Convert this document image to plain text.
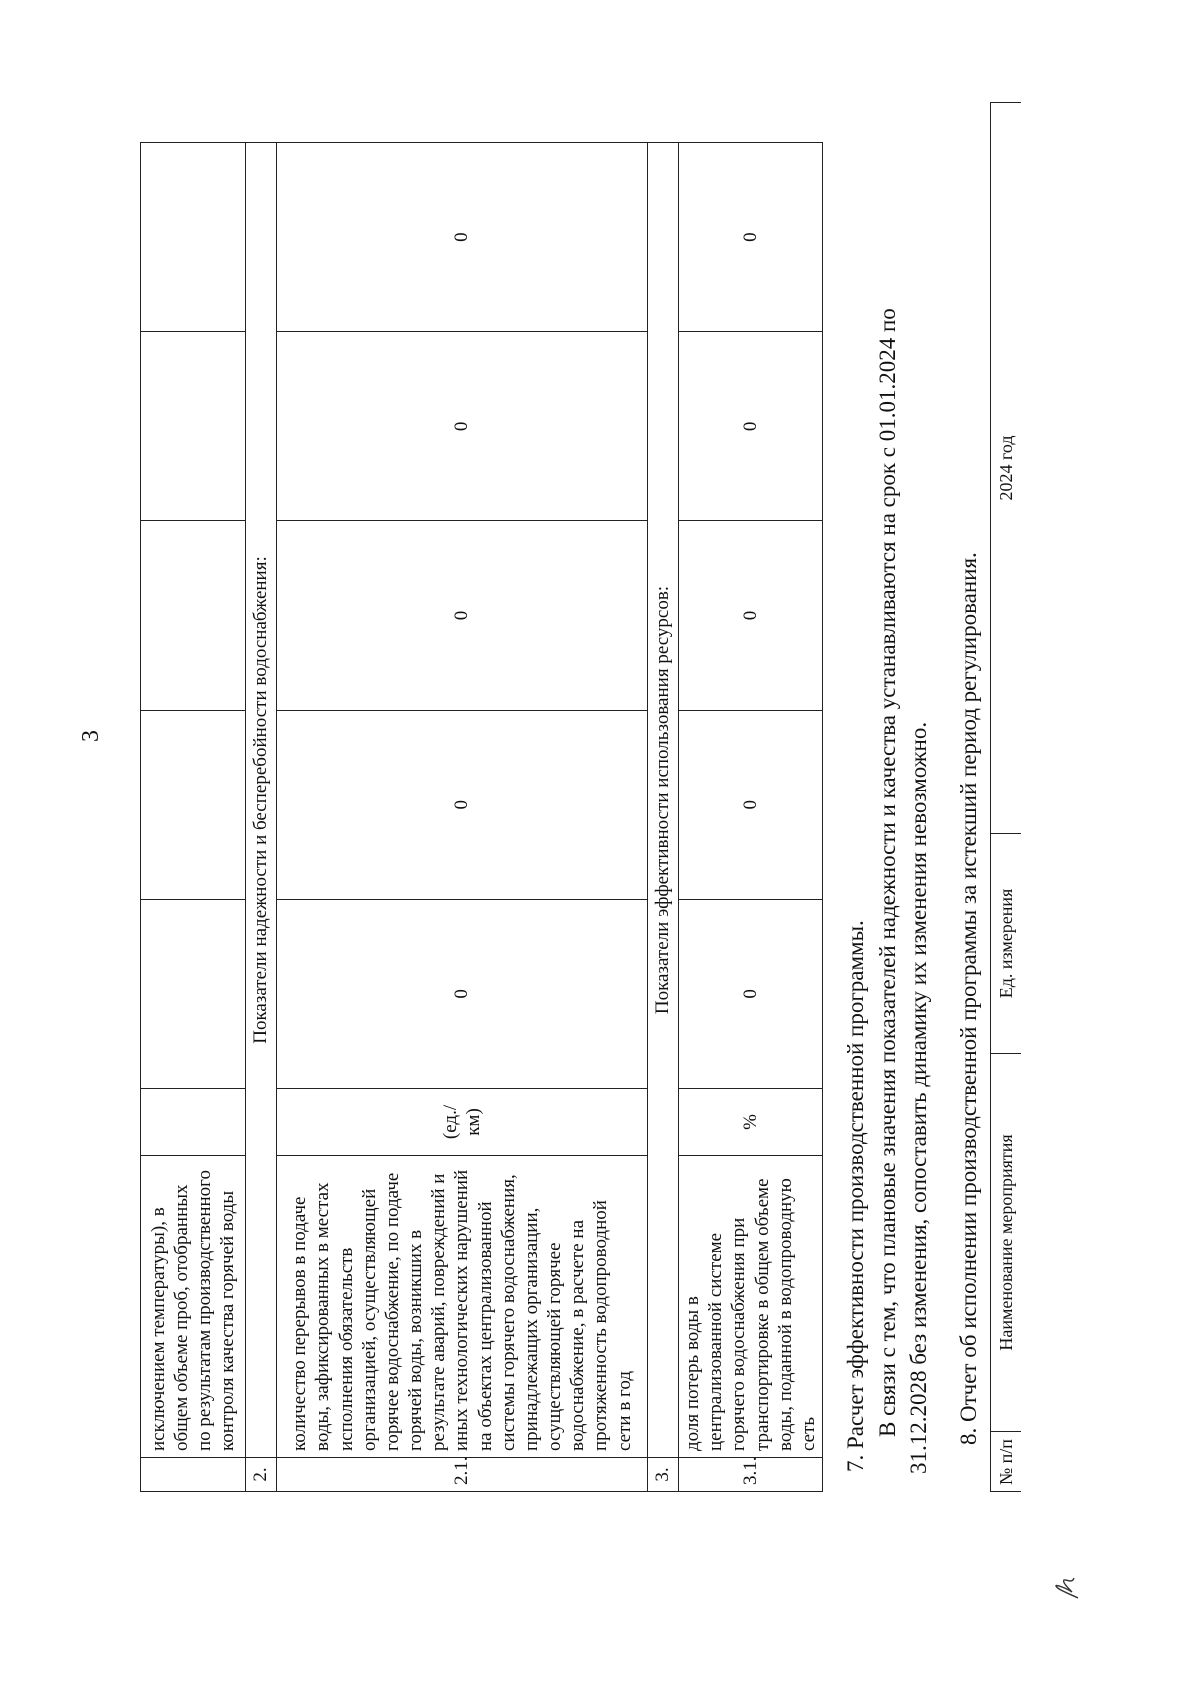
3
	исключением температуры), в общем объеме проб, отобранных по результатам производственного контроля качества горячей воды						
2.	Показатели надежности и бесперебойности водоснабжения:						
2.1.	количество перерывов в подаче воды, зафиксированных в местах исполнения обязательств организацией, осуществляющей горячее водоснабжение, по подаче горячей воды, возникших в результате аварий, повреждений и иных технологических нарушений на объектах централизованной системы горячего водоснабжения, принадлежащих организации, осуществляющей горячее водоснабжение, в расчете на протяженность водопроводной сети в год	(ед./км)	0	0	0	0	0
3.	Показатели эффективности использования ресурсов:						
3.1.	доля потерь воды в централизованной системе горячего водоснабжения при транспортировке в общем объеме воды, поданной в водопроводную сеть	%	0	0	0	0	0
7. Расчет эффективности производственной программы. В связи с тем, что плановые значения показателей надежности и качества устанавливаются на срок с 01.01.2024 по 31.12.2028 без изменения, сопоставить динамику их изменения невозможно. 8. Отчет об исполнении производственной программы за истекший период регулирования.
№ п/п	Наименование мероприятия	Ед. измерения	2024 год
